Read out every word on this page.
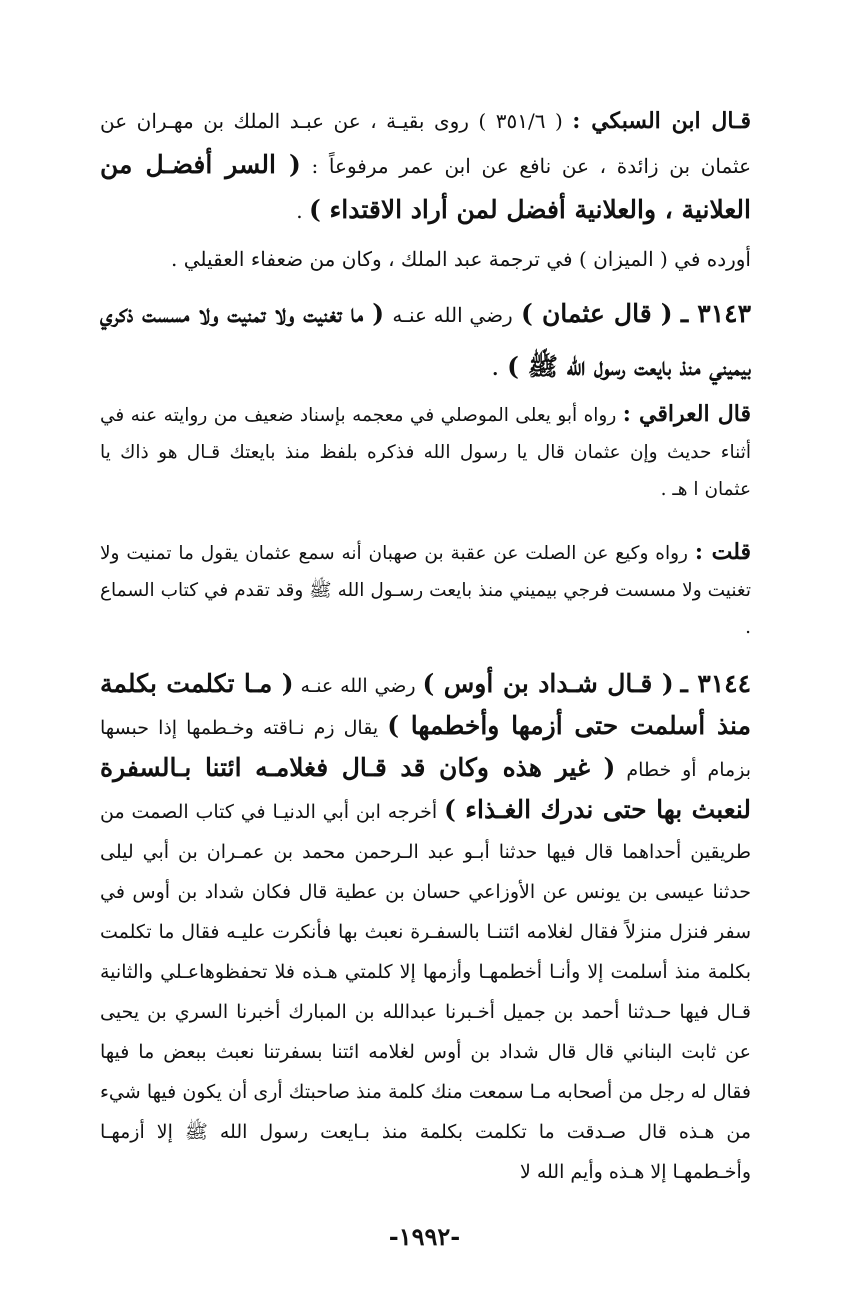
قـال ابن السبكي : ( ٣٥١/٦ ) روى بقيـة ، عن عبـد الملك بن مهـران عن عثمان بن زائدة ، عن نافع عن ابن عمر مرفوعاً : ( السر أفضـل من العلانية ، والعلانية أفضل لمن أراد الاقتداء ) .
أورده في ( الميزان ) في ترجمة عبد الملك ، وكان من ضعفاء العقيلي .
٣١٤٣ ـ ( قال عثمان ) رضي الله عنـه ( ما تغنيت ولا تمنيت ولا مسست ذكري بيميني منذ بايعت رسول الله ﷺ ) .
قال العراقي : رواه أبو يعلى الموصلي في معجمه بإسناد ضعيف من روايته عنه في أثناء حديث وإن عثمان قال يا رسول الله فذكره بلفظ منذ بايعتك قـال هو ذاك يا عثمان ا هـ .
قلت : رواه وكيع عن الصلت عن عقبة بن صهبان أنه سمع عثمان يقول ما تمنيت ولا تغنيت ولا مسست فرجي بيميني منذ بايعت رسـول الله ﷺ وقد تقدم في كتاب السماع .
٣١٤٤ ـ ( قـال شـداد بن أوس ) رضي الله عنـه ( مـا تكلمت بكلمة منذ أسلمت حتى أزمها وأخطمها ) يقال زم نـاقته وخـطمها إذا حبسها بزمام أو خطام ( غير هذه وكان قد قـال فغلامـه ائتنا بـالسفرة لنعبث بها حتى ندرك الغـذاء ) أخرجه ابن أبي الدنيـا في كتاب الصمت من طريقين أحداهما قال فيها حدثنا أبـو عبد الـرحمن محمد بن عمـران بن أبي ليلى حدثنا عيسى بن يونس عن الأوزاعي حسان بن عطية قال فكان شداد بن أوس في سفر فنزل منزلاً فقال لغلامه ائتنـا بالسفـرة نعبث بها فأنكرت عليـه فقال ما تكلمت بكلمة منذ أسلمت إلا وأنـا أخطمهـا وأزمها إلا كلمتي هـذه فلا تحفظوهاعـلي والثانية قـال فيها حـدثنا أحمد بن جميل أخـبرنا عبدالله بن المبارك أخبرنا السري بن يحيى عن ثابت البناني قال قال شداد بن أوس لغلامه ائتنا بسفرتنا نعبث ببعض ما فيها فقال له رجل من أصحابه مـا سمعت منك كلمة منذ صاحبتك أرى أن يكون فيها شيء من هـذه قال صـدقت ما تكلمت بكلمة منذ بـايعت رسول الله ﷺ إلا أزمهـا وأخـطمهـا إلا هـذه وأيم الله لا
-١٩٩٢-
